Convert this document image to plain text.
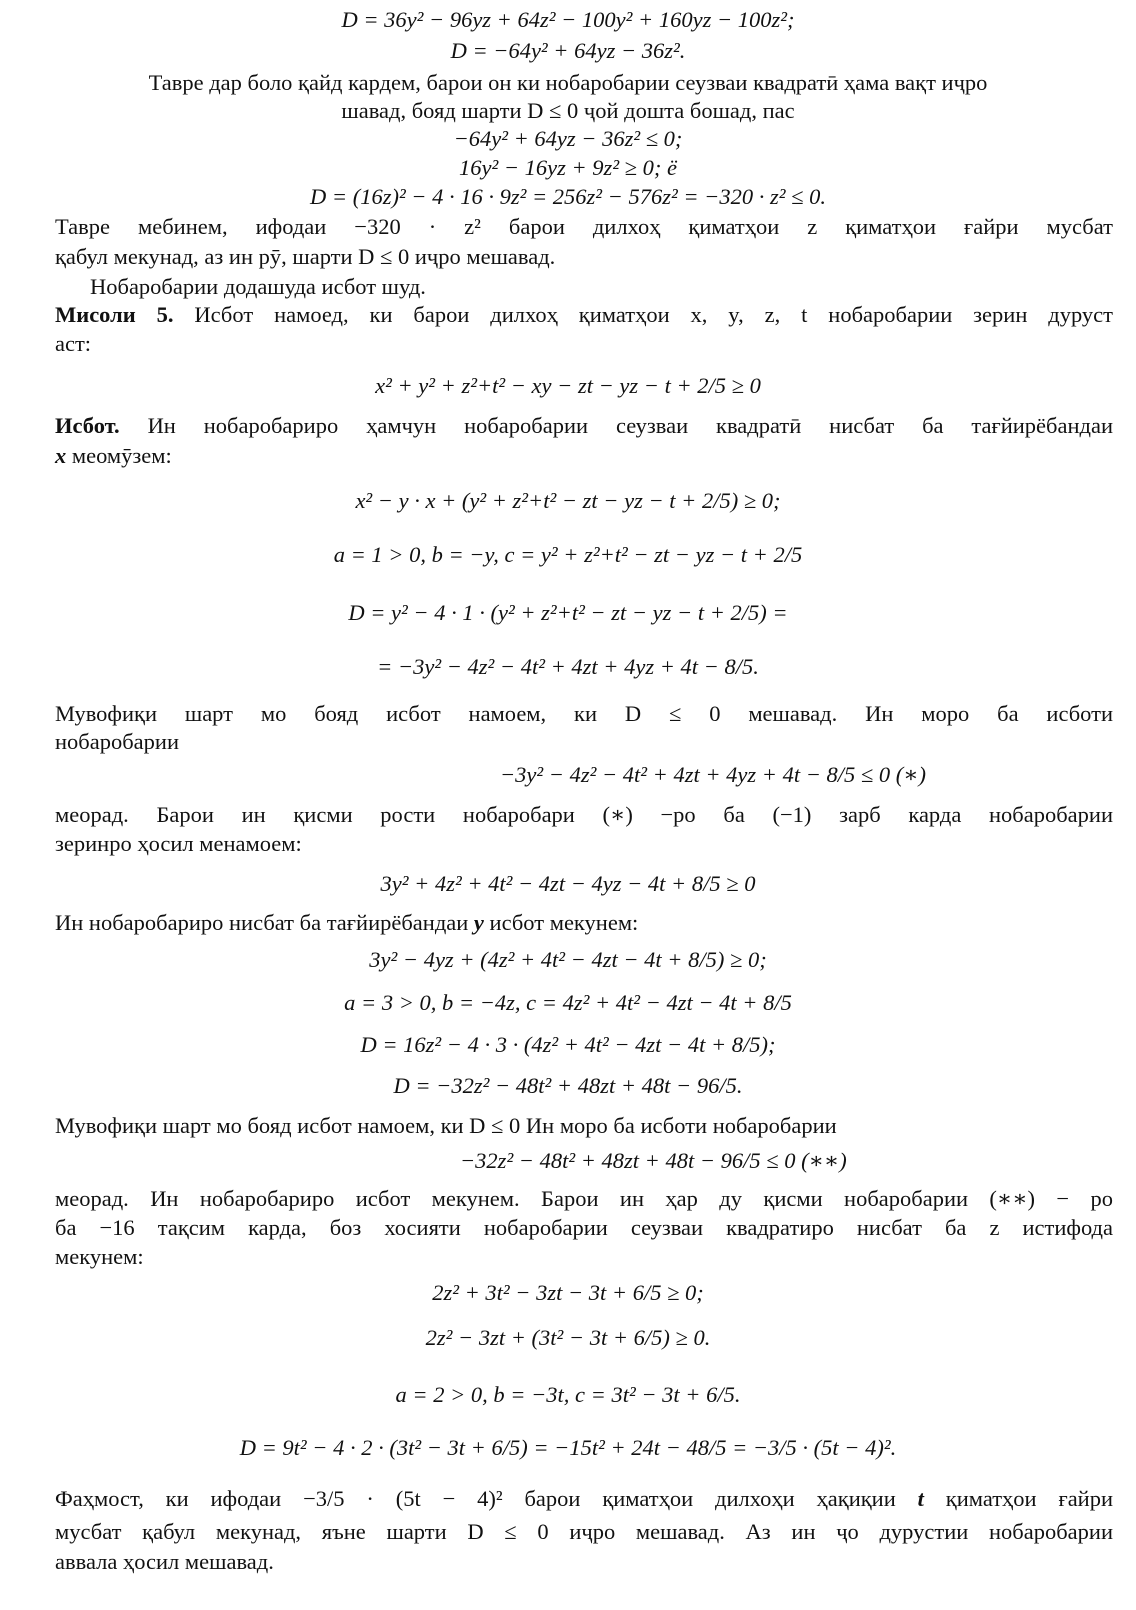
D = 36y² − 96yz + 64z² − 100y² + 160yz − 100z²;
D = −64y² + 64yz − 36z².
Тавре дар боло қайд кардем, барои он ки нобаробарии сеузваи квадратӣ ҳама вақт иҷро
шавад, бояд шарти D ≤ 0 ҷой дошта бошад, пас
−64y² + 64yz − 36z² ≤ 0;
16y² − 16yz + 9z² ≥ 0; ё
D = (16z)² − 4 · 16 · 9z² = 256z² − 576z² = −320 · z² ≤ 0.
Тавре мебинем, ифодаи −320 · z² барои дилхоҳ қиматҳои z қиматҳои ғайри мусбат
қабул мекунад, аз ин рӯ, шарти D ≤ 0 иҷро мешавад.
Нобаробарии додашуда исбот шуд.
Мисоли 5. Исбот намоед, ки барои дилхоҳ қиматҳои x, y, z, t нобаробарии зерин дуруст
аст:
x² + y² + z²+t² − xy − zt − yz − t + 2/5 ≥ 0
Исбот. Ин нобаробариро ҳамчун нобаробарии сеузваи квадратӣ нисбат ба тағйирёбандаи
x меомӯзем:
x² − y · x + (y² + z²+t² − zt − yz − t + 2/5) ≥ 0;
a = 1 > 0, b = −y, c = y² + z²+t² − zt − yz − t + 2/5
D = y² − 4 · 1 · (y² + z²+t² − zt − yz − t + 2/5) =
= −3y² − 4z² − 4t² + 4zt + 4yz + 4t − 8/5.
Мувофиқи шарт мо бояд исбот намоем, ки D ≤ 0 мешавад. Ин моро ба исботи
нобаробарии
−3y² − 4z² − 4t² + 4zt + 4yz + 4t − 8/5 ≤ 0 (∗)
меорад. Барои ин қисми рости нобаробари (∗) −ро ба (−1) зарб карда нобаробарии
зеринро ҳосил менамоем:
3y² + 4z² + 4t² − 4zt − 4yz − 4t + 8/5 ≥ 0
Ин нобаробариро нисбат ба тағйирёбандаи y исбот мекунем:
3y² − 4yz + (4z² + 4t² − 4zt − 4t + 8/5) ≥ 0;
a = 3 > 0, b = −4z, c = 4z² + 4t² − 4zt − 4t + 8/5
D = 16z² − 4 · 3 · (4z² + 4t² − 4zt − 4t + 8/5);
D = −32z² − 48t² + 48zt + 48t − 96/5.
Мувофиқи шарт мо бояд исбот намоем, ки D ≤ 0 Ин моро ба исботи нобаробарии
−32z² − 48t² + 48zt + 48t − 96/5 ≤ 0 (∗∗)
меорад. Ин нобаробариро исбот мекунем. Барои ин ҳар ду қисми нобаробарии (∗∗) − ро
ба −16 тақсим карда, боз хосияти нобаробарии сеузваи квадратиро нисбат ба z истифода
мекунем:
2z² + 3t² − 3zt − 3t + 6/5 ≥ 0;
2z² − 3zt + (3t² − 3t + 6/5) ≥ 0.
a = 2 > 0, b = −3t, c = 3t² − 3t + 6/5.
D = 9t² − 4 · 2 · (3t² − 3t + 6/5) = −15t² + 24t − 48/5 = −3/5 · (5t − 4)².
Фаҳмост, ки ифодаи −3/5 · (5t − 4)² барои қиматҳои дилхоҳи ҳақиқии t қиматҳои ғайри
мусбат қабул мекунад, яъне шарти D ≤ 0 иҷро мешавад. Аз ин ҷо дурустии нобаробарии
аввала ҳосил мешавад.
